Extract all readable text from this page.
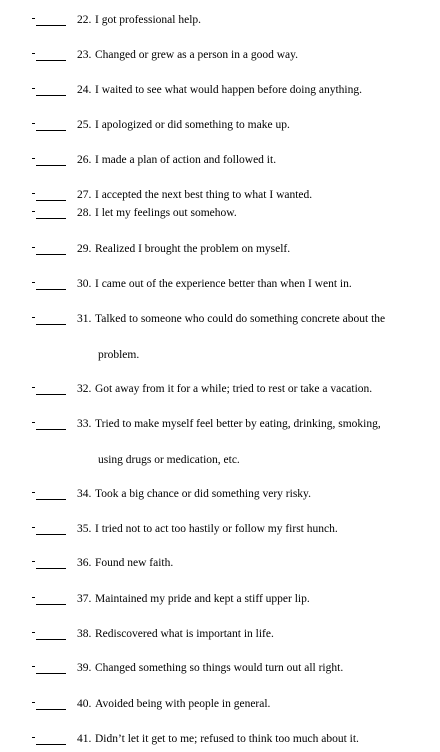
22. I got professional help.
23. Changed or grew as a person in a good way.
24. I waited to see what would happen before doing anything.
25. I apologized or did something to make up.
26. I made a plan of action and followed it.
27. I accepted the next best thing to what I wanted.
28. I let my feelings out somehow.
29. Realized I brought the problem on myself.
30. I came out of the experience better than when I went in.
31. Talked to someone who could do something concrete about the
problem.
32. Got away from it for a while; tried to rest or take a vacation.
33. Tried to make myself feel better by eating, drinking, smoking,
using drugs or medication, etc.
34. Took a big chance or did something very risky.
35. I tried not to act too hastily or follow my first hunch.
36. Found new faith.
37. Maintained my pride and kept a stiff upper lip.
38. Rediscovered what is important in life.
39. Changed something so things would turn out all right.
40. Avoided being with people in general.
41. Didn’t let it get to me; refused to think too much about it.
